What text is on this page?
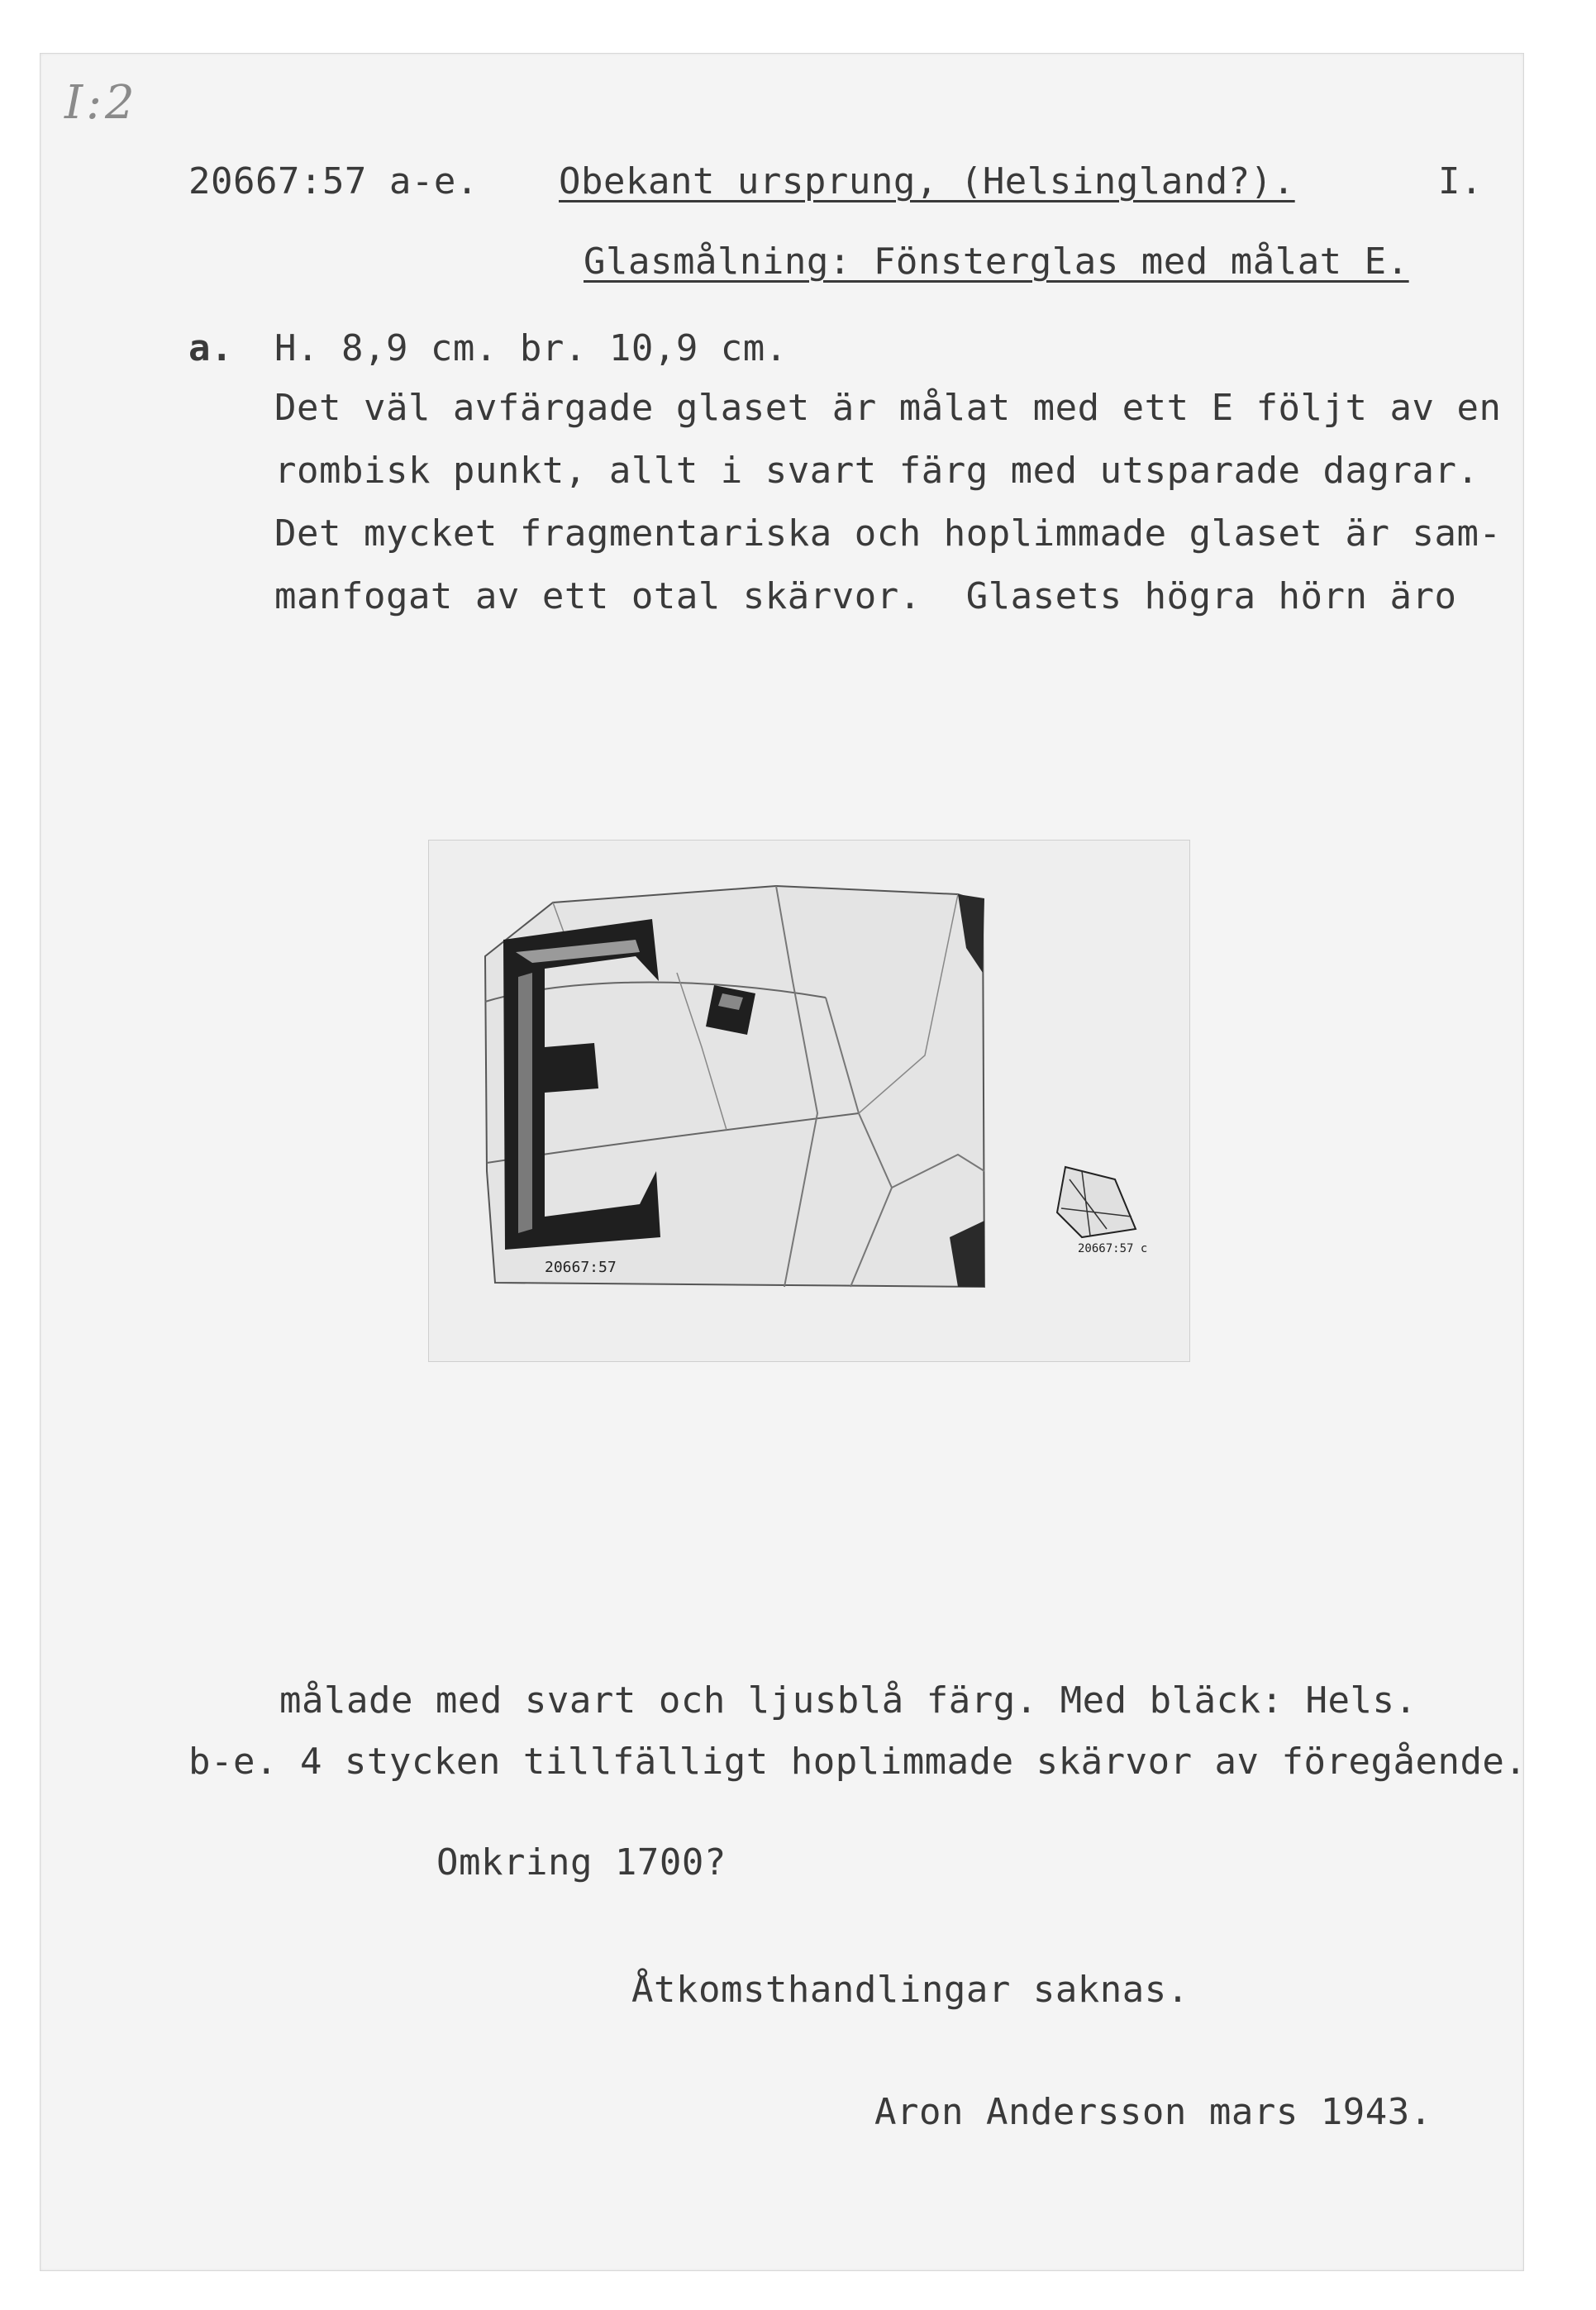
I:2
20667:57 a-e. Obekant ursprung, (Helsingland?).	I.
Glasmålning: Fönsterglas med målat E.
a. H. 8,9 cm. br. 10,9 cm.
Det väl avfärgade glaset är målat med ett E följt av en
rombisk punkt, allt i svart färg med utsparade dagrar.
Det mycket fragmentariska och hoplimmade glaset är sam-
manfogat av ett otal skärvor.  Glasets högra hörn äro
20667:57
20667:57 c
målade med svart och ljusblå färg. Med bläck: Hels.
b-e. 4 stycken tillfälligt hoplimmade skärvor av föregående.
Omkring 1700?
Åtkomsthandlingar saknas.
Aron Andersson mars 1943.
